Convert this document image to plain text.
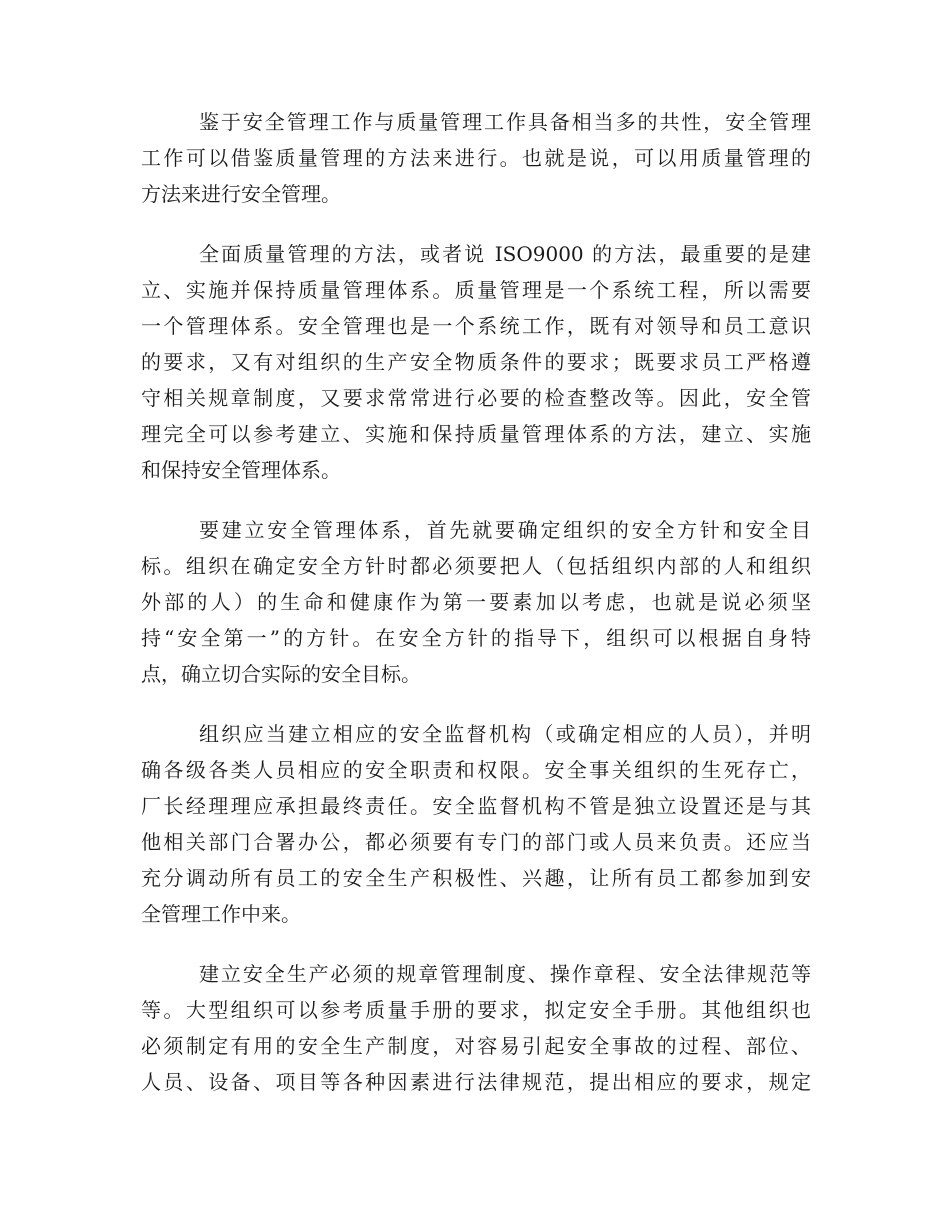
鉴于安全管理工作与质量管理工作具备相当多的共性，安全管理
工作可以借鉴质量管理的方法来进行。也就是说，可以用质量管理的
方法来进行安全管理。
全面质量管理的方法，或者说 ISO9000 的方法，最重要的是建
立、实施并保持质量管理体系。质量管理是一个系统工程，所以需要
一个管理体系。安全管理也是一个系统工作，既有对领导和员工意识
的要求，又有对组织的生产安全物质条件的要求；既要求员工严格遵
守相关规章制度，又要求常常进行必要的检查整改等。因此，安全管
理完全可以参考建立、实施和保持质量管理体系的方法，建立、实施
和保持安全管理体系。
要建立安全管理体系，首先就要确定组织的安全方针和安全目
标。组织在确定安全方针时都必须要把人（包括组织内部的人和组织
外部的人）的生命和健康作为第一要素加以考虑，也就是说必须坚
持“安全第一”的方针。在安全方针的指导下，组织可以根据自身特
点，确立切合实际的安全目标。
组织应当建立相应的安全监督机构（或确定相应的人员），并明
确各级各类人员相应的安全职责和权限。安全事关组织的生死存亡，
厂长经理理应承担最终责任。安全监督机构不管是独立设置还是与其
他相关部门合署办公，都必须要有专门的部门或人员来负责。还应当
充分调动所有员工的安全生产积极性、兴趣，让所有员工都参加到安
全管理工作中来。
建立安全生产必须的规章管理制度、操作章程、安全法律规范等
等。大型组织可以参考质量手册的要求，拟定安全手册。其他组织也
必须制定有用的安全生产制度，对容易引起安全事故的过程、部位、
人员、设备、项目等各种因素进行法律规范，提出相应的要求，规定
